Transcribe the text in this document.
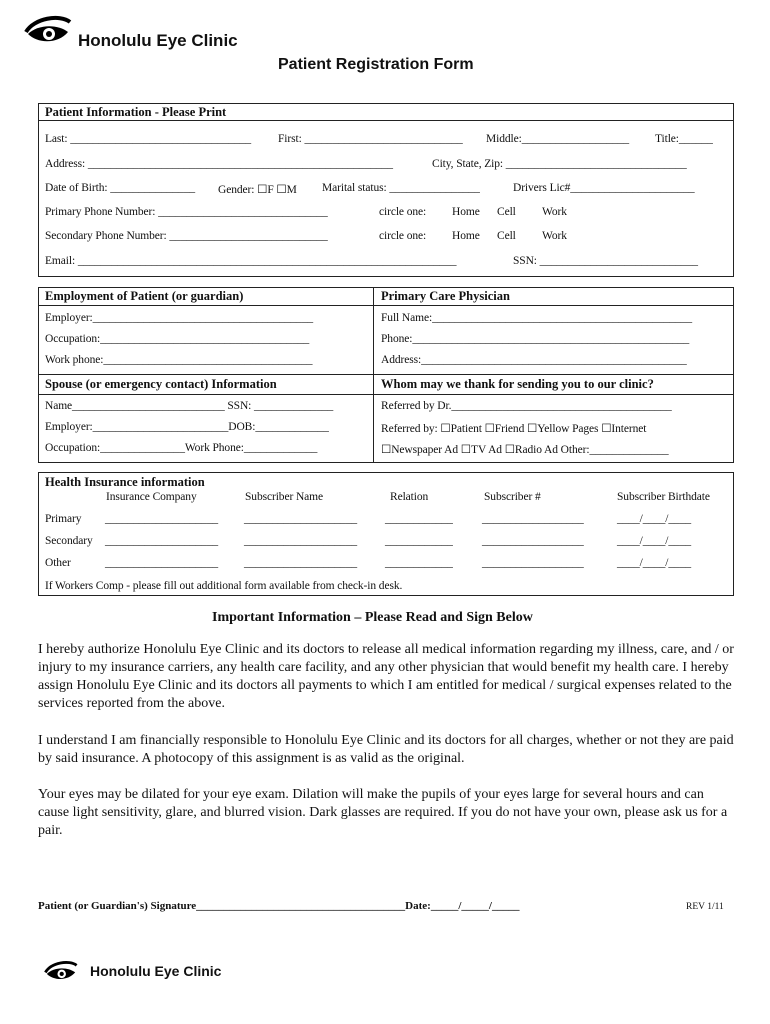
Honolulu Eye Clinic
Patient Registration Form
Patient Information - Please Print
Last: ________________________________ First: ____________________________ Middle:___________________ Title:______
Address: ______________________________________________________	City, State, Zip: ________________________________
Date of Birth: _______________ Gender: ☐F ☐M Marital status: ________________	Drivers Lic#______________________
Primary Phone Number: ______________________________	circle one: Home Cell Work
Secondary Phone Number: ____________________________	circle one: Home Cell Work
Email: ___________________________________________________________________	SSN: ____________________________
Employment of Patient (or guardian)	Primary Care Physician
Employer:_______________________________________
Occupation:_____________________________________
Work phone:_____________________________________
Full Name:______________________________________________
Phone:_________________________________________________
Address:_______________________________________________
Spouse (or emergency contact) Information	Whom may we thank for sending you to our clinic?
Name___________________________ SSN: ______________
Employer:________________________DOB:_____________
Occupation:_______________Work Phone:_____________
Referred by Dr._______________________________________
Referred by: ☐Patient ☐Friend ☐Yellow Pages ☐Internet
☐Newspaper Ad ☐TV Ad ☐Radio Ad Other:______________
Health Insurance information
Insurance Company	Subscriber Name	Relation	Subscriber #	Subscriber Birthdate
Primary ____________________ ____________________ ____________	__________________	____/____/____
Secondary ____________________ ____________________ ____________	__________________	____/____/____
Other	____________________ ____________________ ____________	__________________	____/____/____
If Workers Comp - please fill out additional form available from check-in desk.
Important Information – Please Read and Sign Below
I hereby authorize Honolulu Eye Clinic and its doctors to release all medical information regarding my illness, care, and / or injury to my insurance carriers, any health care facility, and any other physician that would benefit my health care. I hereby assign Honolulu Eye Clinic and its doctors all payments to which I am entitled for medical / surgical expenses related to the services reported from the above.
I understand I am financially responsible to Honolulu Eye Clinic and its doctors for all charges, whether or not they are paid by said insurance. A photocopy of this assignment is as valid as the original.
Your eyes may be dilated for your eye exam. Dilation will make the pupils of your eyes large for several hours and can cause light sensitivity, glare, and blurred vision. Dark glasses are required. If you do not have your own, please ask us for a pair.
Patient (or Guardian's) Signature______________________________________Date:_____/_____/_____	REV 1/11
Honolulu Eye Clinic
